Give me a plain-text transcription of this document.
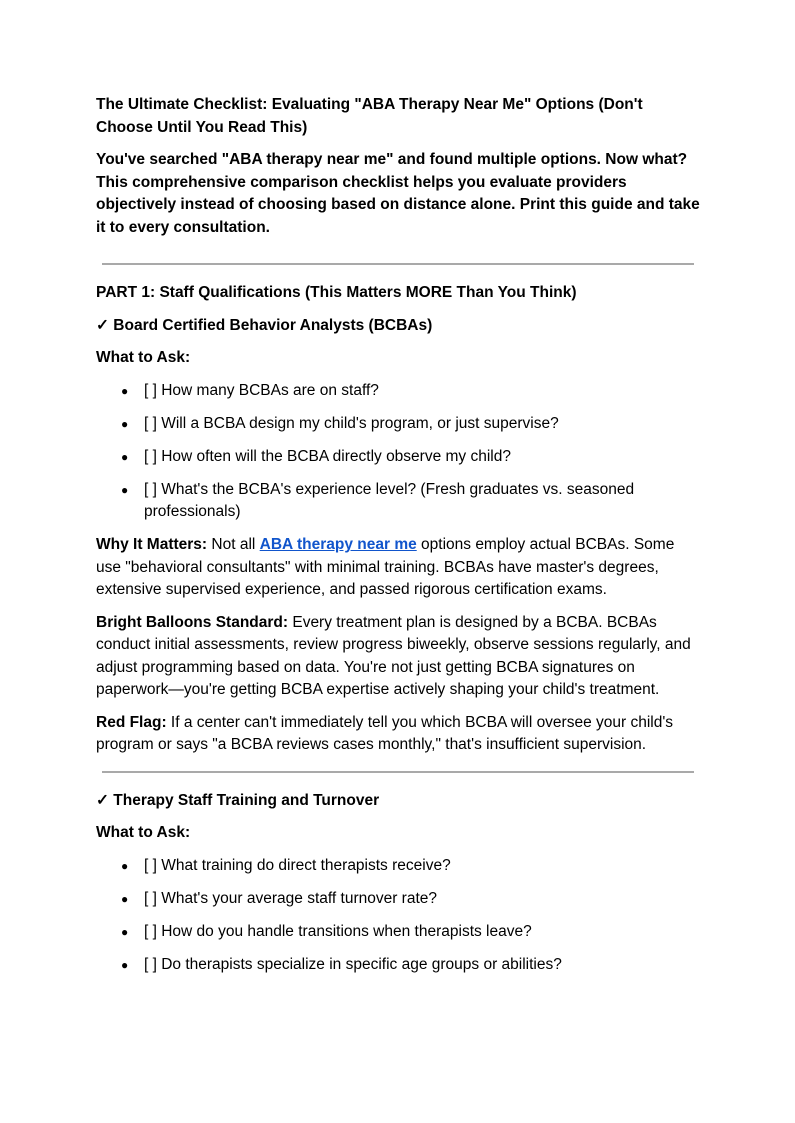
The Ultimate Checklist: Evaluating "ABA Therapy Near Me" Options (Don't Choose Until You Read This)

You've searched "ABA therapy near me" and found multiple options. Now what? This comprehensive comparison checklist helps you evaluate providers objectively instead of choosing based on distance alone. Print this guide and take it to every consultation.

PART 1: Staff Qualifications (This Matters MORE Than You Think)

✓ Board Certified Behavior Analysts (BCBAs)

What to Ask:

● [ ] How many BCBAs are on staff?
● [ ] Will a BCBA design my child's program, or just supervise?
● [ ] How often will the BCBA directly observe my child?
● [ ] What's the BCBA's experience level? (Fresh graduates vs. seasoned professionals)

Why It Matters: Not all ABA therapy near me options employ actual BCBAs. Some use "behavioral consultants" with minimal training. BCBAs have master's degrees, extensive supervised experience, and passed rigorous certification exams.

Bright Balloons Standard: Every treatment plan is designed by a BCBA. BCBAs conduct initial assessments, review progress biweekly, observe sessions regularly, and adjust programming based on data. You're not just getting BCBA signatures on paperwork—you're getting BCBA expertise actively shaping your child's treatment.

Red Flag: If a center can't immediately tell you which BCBA will oversee your child's program or says "a BCBA reviews cases monthly," that's insufficient supervision.

✓ Therapy Staff Training and Turnover

What to Ask:

● [ ] What training do direct therapists receive?
● [ ] What's your average staff turnover rate?
● [ ] How do you handle transitions when therapists leave?
● [ ] Do therapists specialize in specific age groups or abilities?
